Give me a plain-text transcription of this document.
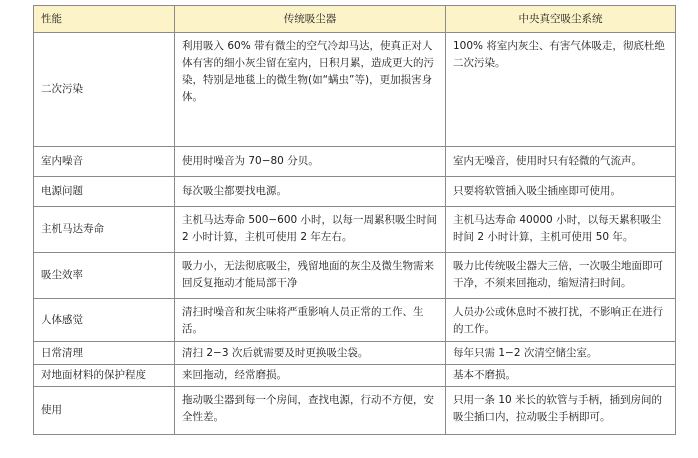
性能	传统吸尘器	中央真空吸尘系统
二次污染	利用吸入 60% 带有微尘的空气冷却马达，使真正对人体有害的细小灰尘留在室内，日积月累，造成更大的污染，特别是地毯上的微生物(如“螨虫”等)，更加损害身体。	100% 将室内灰尘、有害气体吸走，彻底杜绝二次污染。
室内噪音	使用时噪音为 70−80 分贝。	室内无噪音，使用时只有轻微的气流声。
电源问题	每次吸尘都要找电源。	只要将软管插入吸尘插座即可使用。
主机马达寿命	主机马达寿命 500−600 小时，以每一周累积吸尘时间 2 小时计算，主机可使用 2 年左右。	主机马达寿命 40000 小时，以每天累积吸尘时间 2 小时计算，主机可使用 50 年。
吸尘效率	吸力小，无法彻底吸尘，残留地面的灰尘及微生物需来回反复拖动才能局部干净	吸力比传统吸尘器大三倍，一次吸尘地面即可干净，不须来回拖动，缩短清扫时间。
人体感觉	清扫时噪音和灰尘味将严重影响人员正常的工作、生活。	人员办公或休息时不被打扰，不影响正在进行的工作。
日常清理	清扫 2−3 次后就需要及时更换吸尘袋。	每年只需 1−2 次清空储尘室。
对地面材料的保护程度	来回拖动，经常磨损。	基本不磨损。
使用	拖动吸尘器到每一个房间，查找电源，行动不方便，安全性差。	只用一条 10 米长的软管与手柄，插到房间的吸尘插口内，拉动吸尘手柄即可。
